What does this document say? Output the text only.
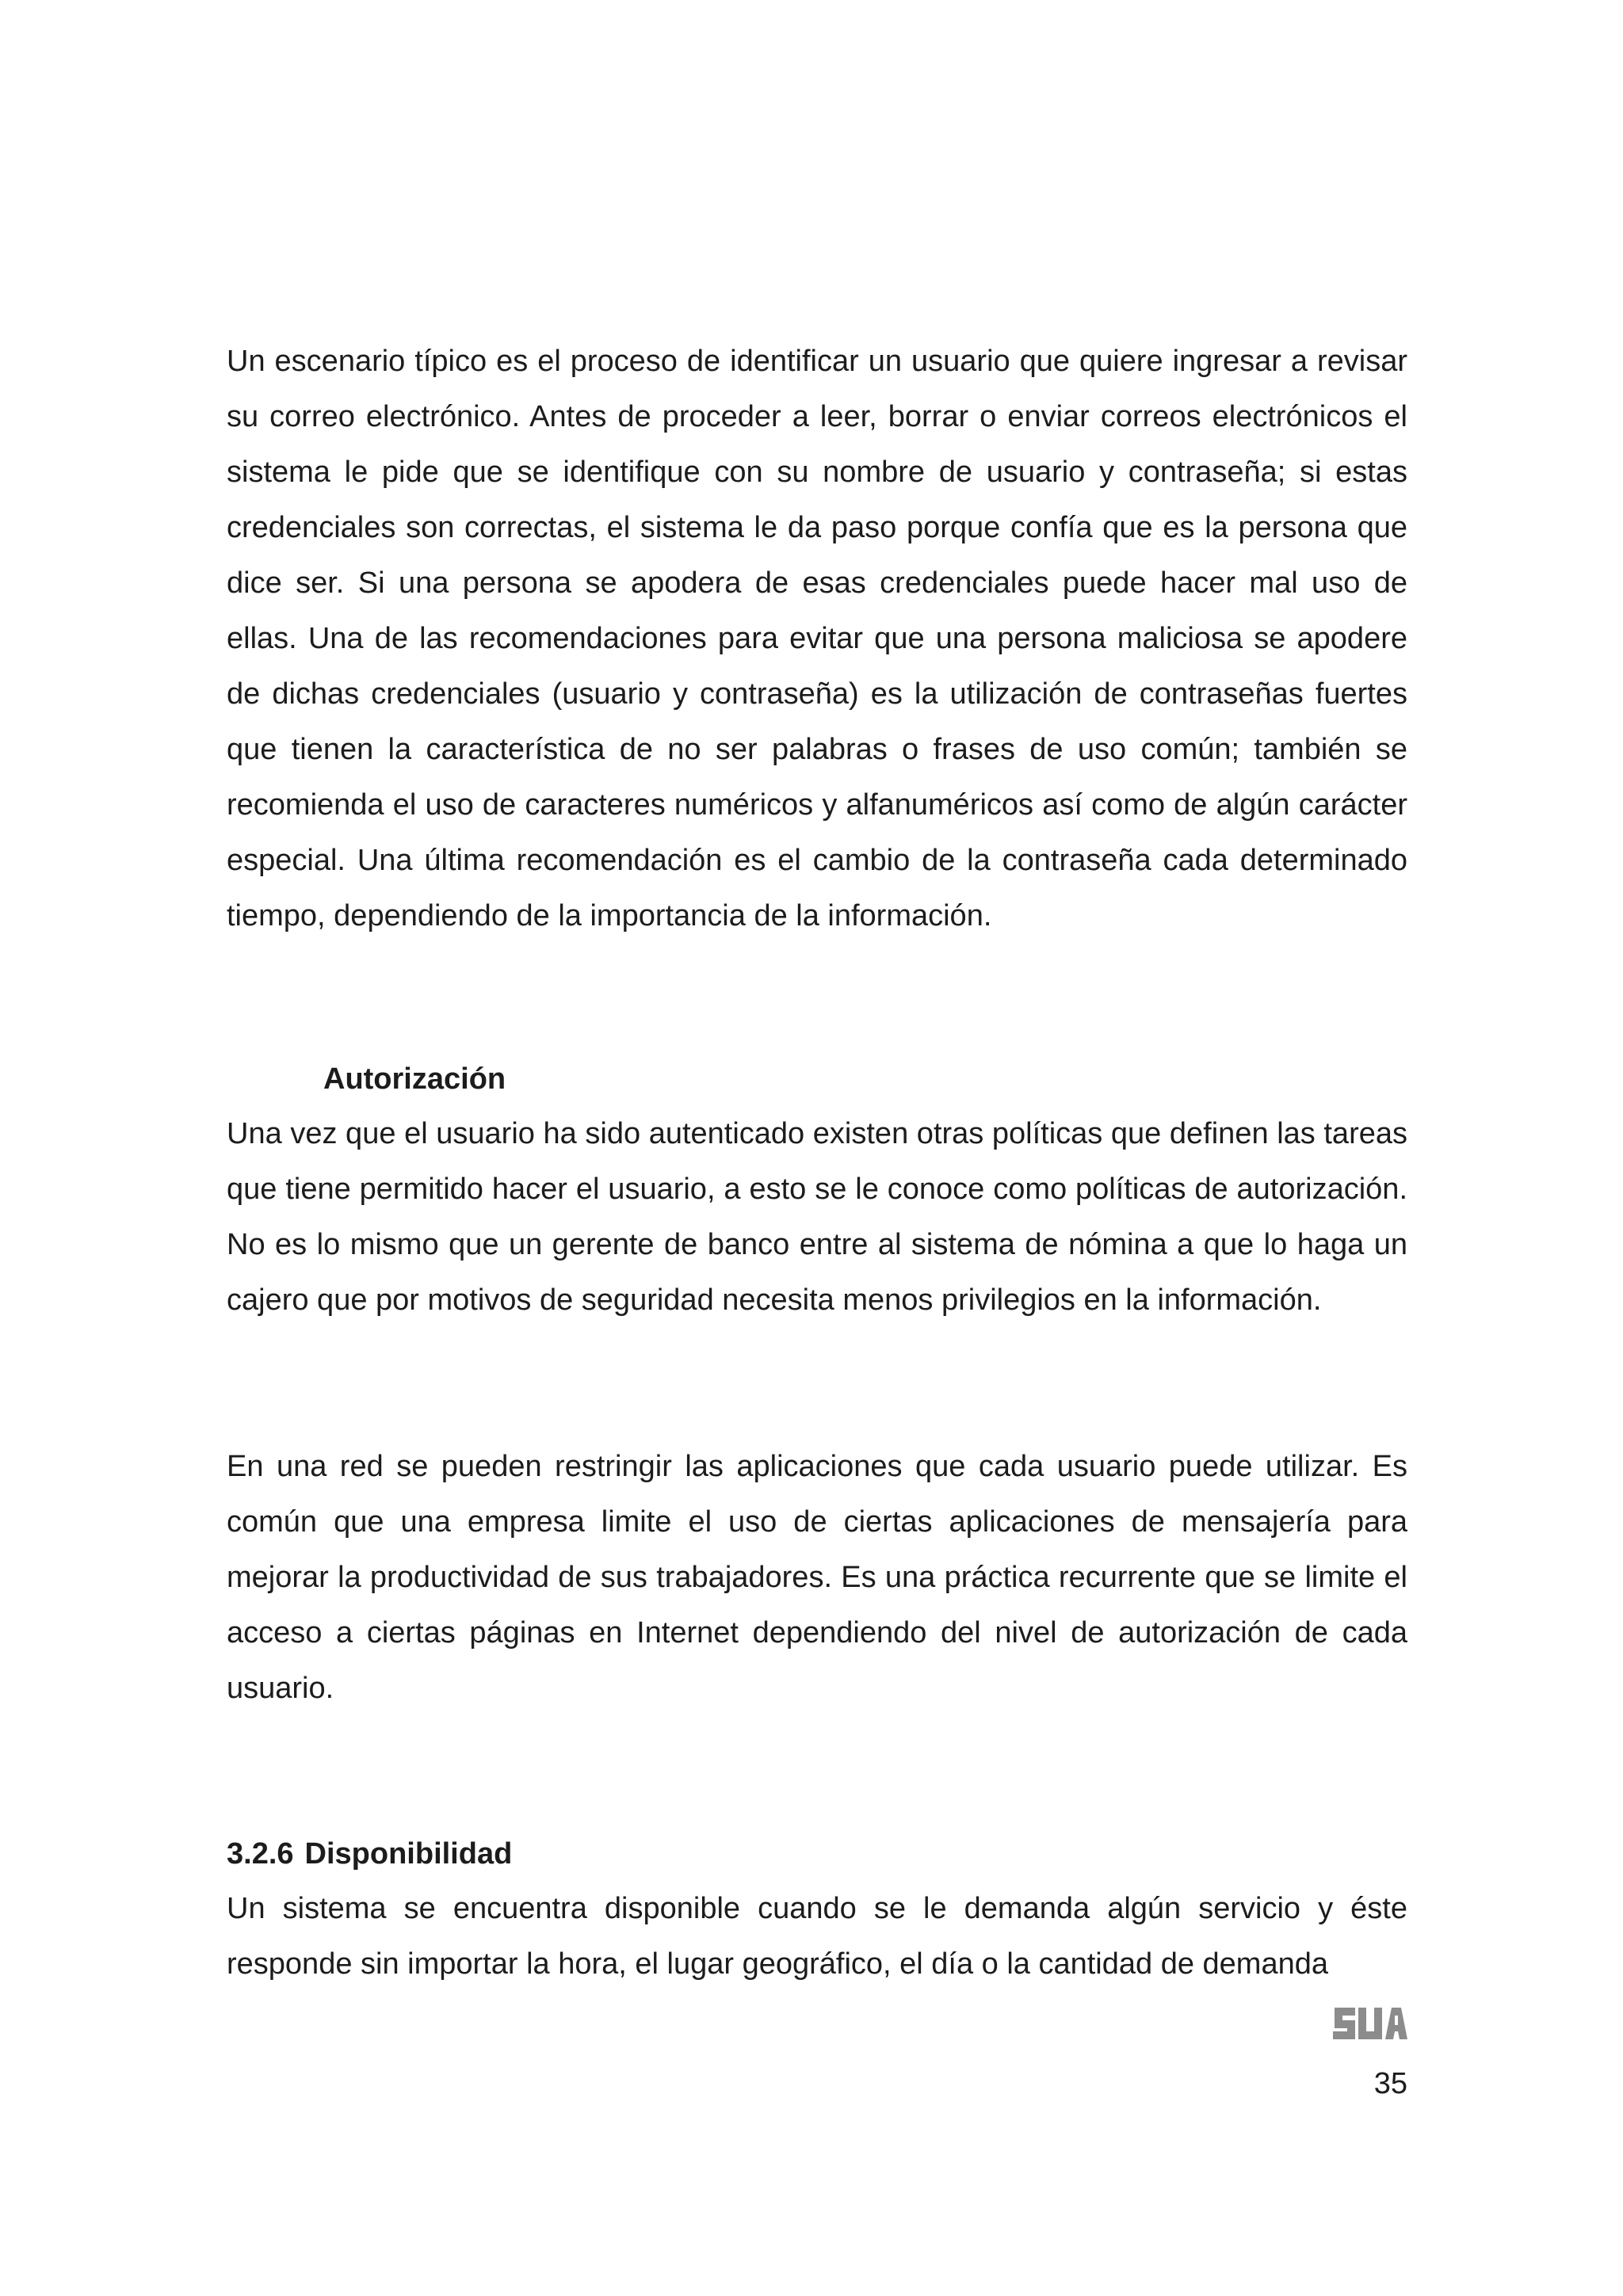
Un escenario típico es el proceso de identificar un usuario que quiere ingresar a revisar su correo electrónico. Antes de proceder a leer, borrar o enviar correos electrónicos el sistema le pide que se identifique con su nombre de usuario y contraseña; si estas credenciales son correctas, el sistema le da paso porque confía que es la persona que dice ser. Si una persona se apodera de esas credenciales puede hacer mal uso de ellas. Una de las recomendaciones para evitar que una persona maliciosa se apodere de dichas credenciales (usuario y contraseña) es la utilización de contraseñas fuertes que tienen la característica de no ser palabras o frases de uso común; también se recomienda el uso de caracteres numéricos y alfanuméricos así como de algún carácter especial. Una última recomendación es el cambio de la contraseña cada determinado tiempo, dependiendo de la importancia de la información.

Autorización

Una vez que el usuario ha sido autenticado existen otras políticas que definen las tareas que tiene permitido hacer el usuario, a esto se le conoce como políticas de autorización. No es lo mismo que un gerente de banco entre al sistema de nómina a que lo haga un cajero que por motivos de seguridad necesita menos privilegios en la información.

En una red se pueden restringir las aplicaciones que cada usuario puede utilizar. Es común que una empresa limite el uso de ciertas aplicaciones de mensajería para mejorar la productividad de sus trabajadores. Es una práctica recurrente que se limite el acceso a ciertas páginas en Internet dependiendo del nivel de autorización de cada usuario.

3.2.6 Disponibilidad

Un sistema se encuentra disponible cuando se le demanda algún servicio y éste responde sin importar la hora, el lugar geográfico, el día o la cantidad de demanda

35
